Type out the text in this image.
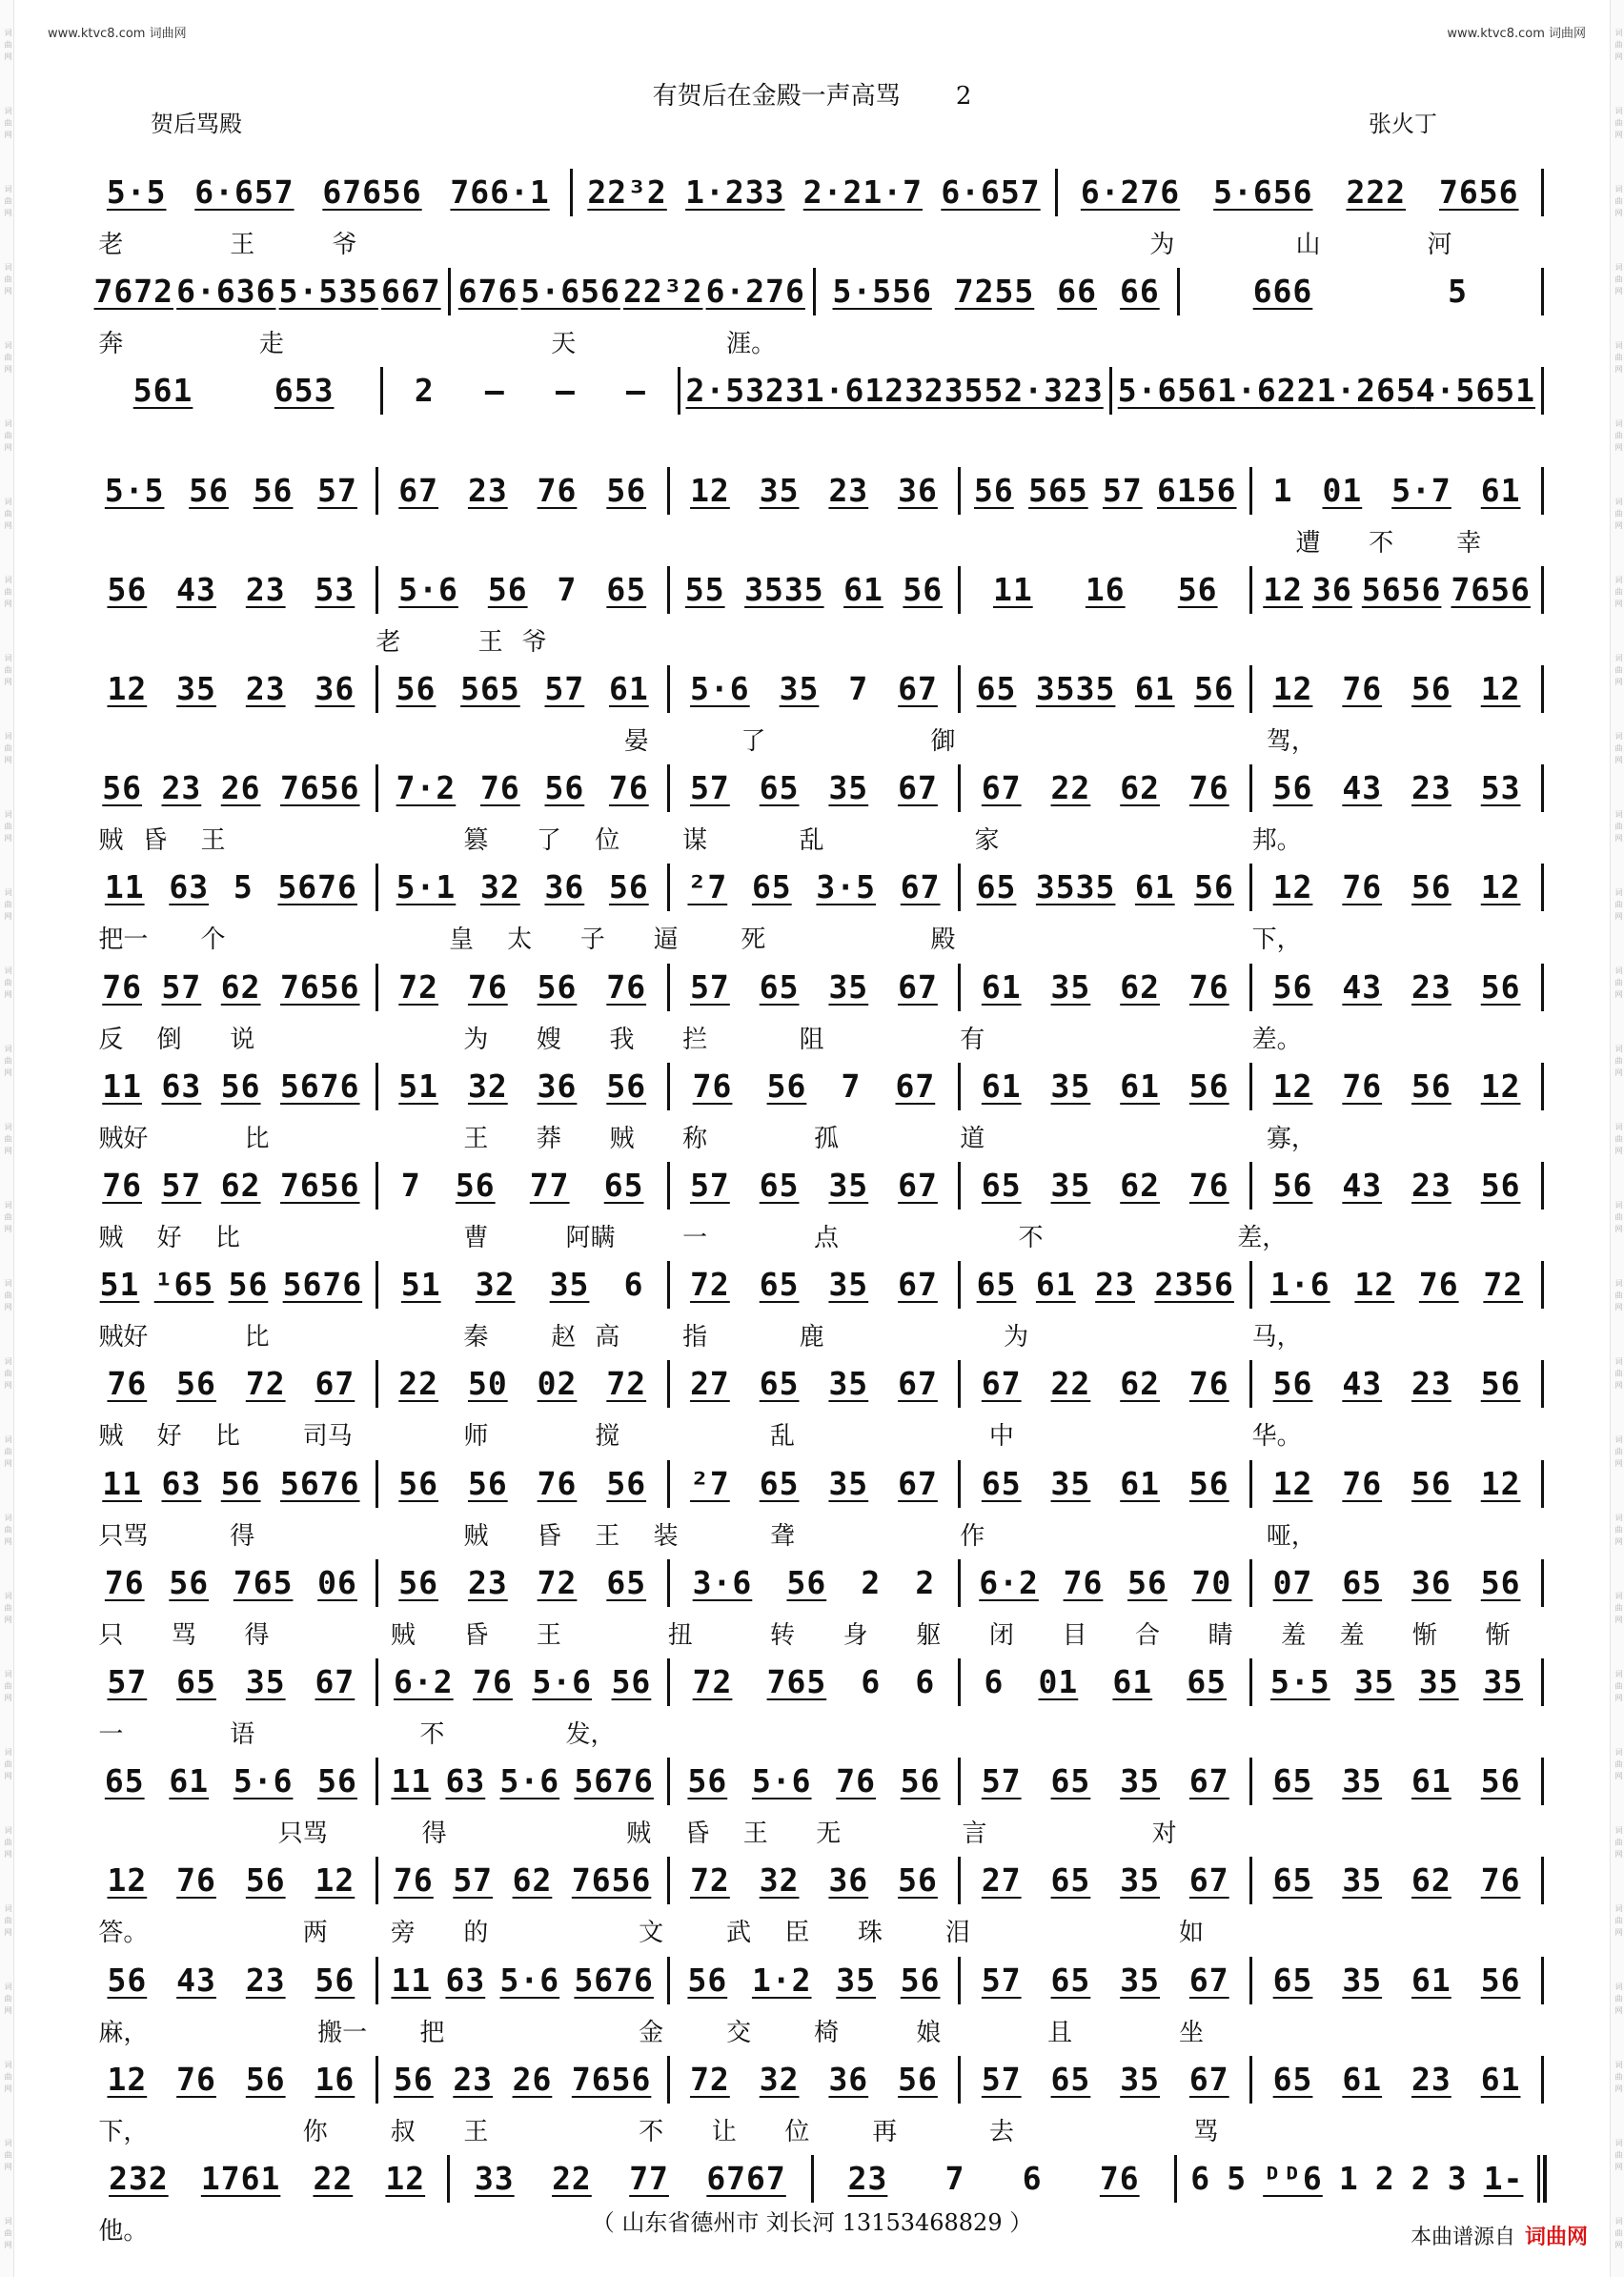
词 曲 网
词 曲 网
词 曲 网
词 曲 网
词 曲 网
词 曲 网
词 曲 网
词 曲 网
词 曲 网
词 曲 网
词 曲 网
词 曲 网
词 曲 网
词 曲 网
词 曲 网
词 曲 网
词 曲 网
词 曲 网
词 曲 网
词 曲 网
词 曲 网
词 曲 网
词 曲 网
词 曲 网
词 曲 网
词 曲 网
词 曲 网
词 曲 网
词 曲 网
词 曲 网
词 曲 网
词 曲 网
词 曲 网
词 曲 网
词 曲 网
词 曲 网
词 曲 网
词 曲 网
词 曲 网
词 曲 网
词 曲 网
词 曲 网
词 曲 网
词 曲 网
词 曲 网
词 曲 网
词 曲 网
词 曲 网
词 曲 网
词 曲 网
词 曲 网
词 曲 网
词 曲 网
词 曲 网
词 曲 网
词 曲 网
词 曲 网
词 曲 网
www.ktvc8.com 词曲网	www.ktvc8.com 词曲网
有贺后在金殿一声高骂 2
贺后骂殿	张火丁
5·5 6·657 67656 766·1 22³2 1·233 2·21·7 6·657 6·276 5·656 222 7656
老	王	爷	为	山	河
7672 6·636 5·535 667 676 5·656 22³2 6·276 5·556 7255 66 66	666	5
奔	走	天	涯。
561	653	2 – – – 2·5323 1·612 32355 2·323 5·656 1·622 1·265 4·5651
5·5 56 56 57 67 23 76 56 12 35 23 36 56 565 57 6156 1 01 5·7 61
遭 不	幸
56 43 23 53 5·6 56 7 65 55 3535 61 56 11 16 56 12 36 5656 7656
老	王 爷
12 35 23 36 56 565 57 61 5·6 35 7 67 65 3535 61 56 12 76 56 12
晏	了	御	驾，
56 23 26 7656 7·2 76 56 76 57 65 35 67 67 22 62 76 56 43 23 53
贼 昏 王	篡 了 位	谋	乱	家	邦。
11 63 5 5676 5·1 32 36 56 ²7 65 3·5 67 65 3535 61 56 12 76 56 12
把一 个	皇 太 子 逼	死	殿	下，
76 57 62 7656 72 76 56 76 57 65 35 67 61 35 62 76 56 43 23 56
反 倒 说	为 嫂 我 拦	阻	有	差。
11 63 56 5676 51 32 36 56 76 56 7 67 61 35 61 56 12 76 56 12
贼好	比	王 莽 贼 称	孤	道	寡，
76 57 62 7656 7 56 77 65 57 65 35 67 65 35 62 76 56 43 23 56
贼 好 比	曹	阿瞒	一	点	不	差，
51 ¹65 56 5676 51 32 35 6 72 65 35 67 65 61 23 2356 1·6 12 76 72
贼好	比	秦	赵 高	指	鹿	为	马，
76 56 72 67 22 50 02 72 27 65 35 67 67 22 62 76 56 43 23 56
贼 好 比	司马	师	搅	乱	中	华。
11 63 56 5676 56 56 76 56 ²7 65 35 67 65 35 61 56 12 76 56 12
只骂	得	贼 昏 王 装	聋	作	哑，
76 56 765 06 56 23 72 65 3·6 56 2 2 6·2 76 56 70 07 65 36 56
只 骂 得	贼 昏 王	扭	转 身 躯 闭 目 合 睛 羞 羞 惭 惭
57 65 35 67 6·2 76 5·6 56 72 765 6 6 6 01 61 65 5·5 35 35 35
一	语	不	发，
65 61 5·6 56 11 63 5·6 5676 56 5·6 76 56 57 65 35 67 65 35 61 56
只骂	得	贼 昏 王 无	言	对
12 76 56 12 76 57 62 7656 72 32 36 56 27 65 35 67 65 35 62 76
答。	两	旁 的	文	武 臣 珠	泪	如
56 43 23 56 11 63 5·6 5676 56 1·2 35 56 57 65 35 67 65 35 61 56
麻，	搬一 把	金	交	椅	娘	且	坐
12 76 56 16 56 23 26 7656 72 32 36 56 57 65 35 67 65 61 23 61
下，	你	叔 王	不 让 位	再	去	骂
232 1761 22 12 33 22 77 6767 23 7 6 76 6 5 ᴰᴰ6 1 2 2 3 1-
他。	（ 山东省德州市 刘长河 13153468829 ）
本曲谱源自 词曲网
